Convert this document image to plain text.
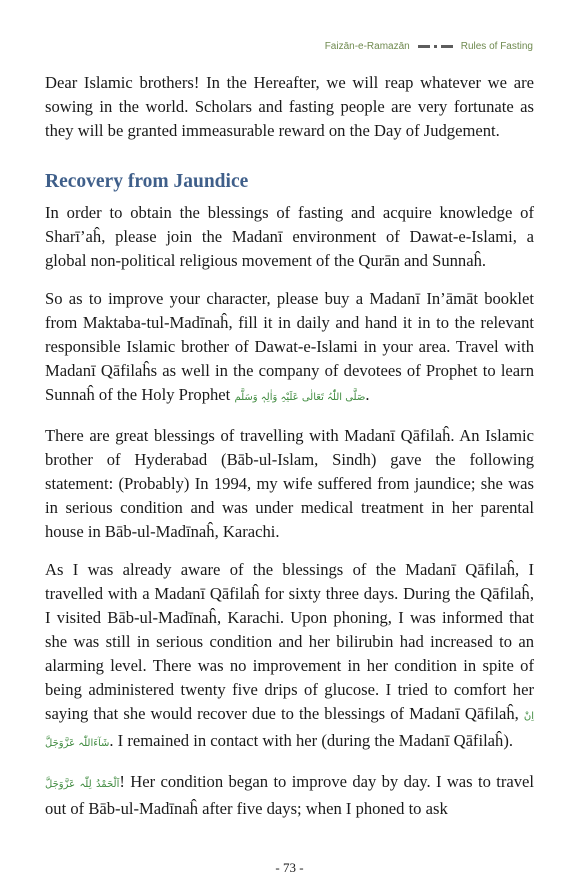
Faizān-e-Ramazān	Rules of Fasting

Dear Islamic brothers! In the Hereafter, we will reap whatever we are sowing in the world. Scholars and fasting people are very fortunate as they will be granted immeasurable reward on the Day of Judgement.

Recovery from Jaundice

In order to obtain the blessings of fasting and acquire knowledge of Sharī’aĥ, please join the Madanī environment of Dawat-e-Islami, a global non-political religious movement of the Qurān and Sunnaĥ.

So as to improve your character, please buy a Madanī In’āmāt booklet from Maktaba-tul-Madīnaĥ, fill it in daily and hand it in to the relevant responsible Islamic brother of Dawat-e-Islami in your area. Travel with Madanī Qāfilaĥs as well in the company of devotees of Prophet to learn Sunnaĥ of the Holy Prophet صَلَّی اللّٰہُ تَعَالٰی عَلَیْہِ وَاٰلِہٖ وَسَلَّم.

There are great blessings of travelling with Madanī Qāfilaĥ. An Islamic brother of Hyderabad (Bāb-ul-Islam, Sindh) gave the following statement: (Probably) In 1994, my wife suffered from jaundice; she was in serious condition and was under medical treatment in her parental house in Bāb-ul-Madīnaĥ, Karachi.

As I was already aware of the blessings of the Madanī Qāfilaĥ, I travelled with a Madanī Qāfilaĥ for sixty three days. During the Qāfilaĥ, I visited Bāb-ul-Madīnaĥ, Karachi. Upon phoning, I was informed that she was still in serious condition and her bilirubin had increased to an alarming level. There was no improvement in her condition in spite of being administered twenty five drips of glucose. I tried to comfort her saying that she would recover due to the blessings of Madanī Qāfilaĥ, اِنْ شَآءَاللّٰہ عَزَّوَجَلَّ. I remained in contact with her (during the Madanī Qāfilaĥ).

اَلْحَمْدُ لِلّٰہ عَزَّوَجَلَّ! Her condition began to improve day by day. I was to travel out of Bāb-ul-Madīnaĥ after five days; when I phoned to ask

- 73 -
